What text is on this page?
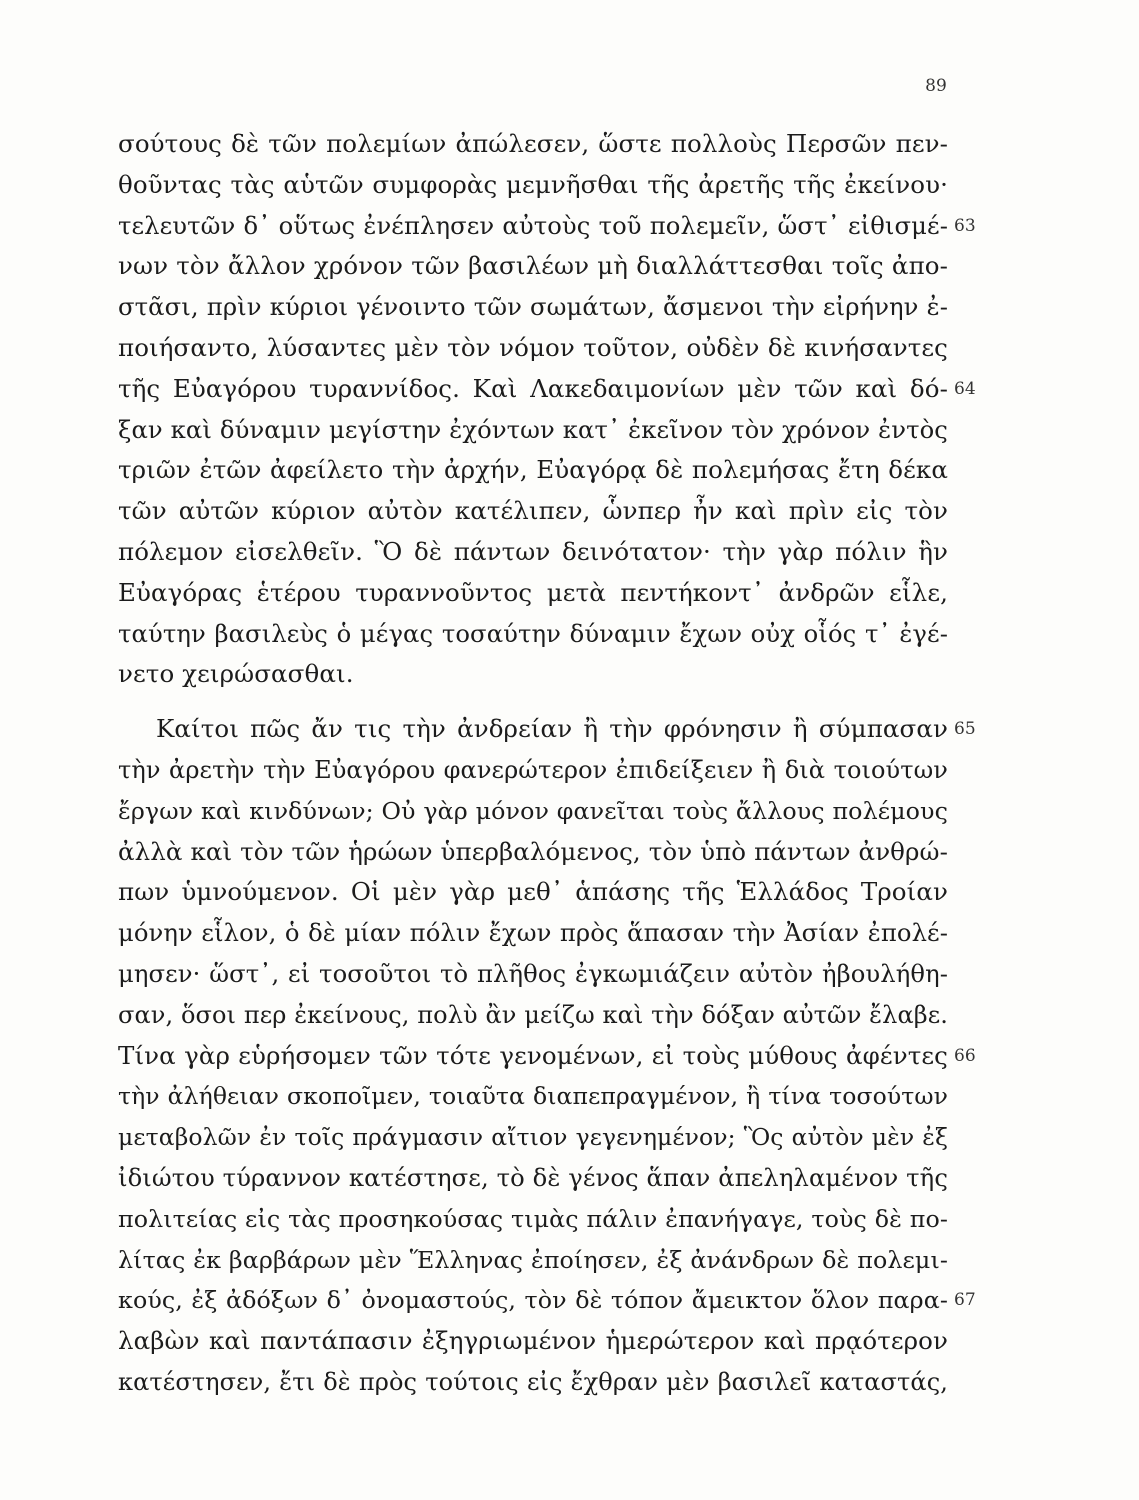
89
σούτους δὲ τῶν πολεμίων ἀπώλεσεν, ὥστε πολλοὺς Περσῶν πεν-
θοῦντας τὰς αὑτῶν συμφορὰς μεμνῆσθαι τῆς ἀρετῆς τῆς ἐκείνου·
τελευτῶν δ᾽ οὕτως ἐνέπλησεν αὐτοὺς τοῦ πολεμεῖν, ὥστ᾽ εἰθισμέ- 63
νων τὸν ἄλλον χρόνον τῶν βασιλέων μὴ διαλλάττεσθαι τοῖς ἀπο-
στᾶσι, πρὶν κύριοι γένοιντο τῶν σωμάτων, ἄσμενοι τὴν εἰρήνην ἐ-
ποιήσαντο, λύσαντες μὲν τὸν νόμον τοῦτον, οὐδὲν δὲ κινήσαντες
τῆς Εὐαγόρου τυραννίδος. Καὶ Λακεδαιμονίων μὲν τῶν καὶ δό- 64
ξαν καὶ δύναμιν μεγίστην ἐχόντων κατ᾽ ἐκεῖνον τὸν χρόνον ἐντὸς
τριῶν ἐτῶν ἀφείλετο τὴν ἀρχήν, Εὐαγόρᾳ δὲ πολεμήσας ἔτη δέκα
τῶν αὐτῶν κύριον αὐτὸν κατέλιπεν, ὧνπερ ἦν καὶ πρὶν εἰς τὸν
πόλεμον εἰσελθεῖν. Ὃ δὲ πάντων δεινότατον· τὴν γὰρ πόλιν ἣν
Εὐαγόρας ἑτέρου τυραννοῦντος μετὰ πεντήκοντ᾽ ἀνδρῶν εἷλε,
ταύτην βασιλεὺς ὁ μέγας τοσαύτην δύναμιν ἔχων οὐχ οἷός τ᾽ ἐγέ-
νετο χειρώσασθαι.
Καίτοι πῶς ἄν τις τὴν ἀνδρείαν ἢ τὴν φρόνησιν ἢ σύμπασαν 65
τὴν ἀρετὴν τὴν Εὐαγόρου φανερώτερον ἐπιδείξειεν ἢ διὰ τοιούτων
ἔργων καὶ κινδύνων; Οὐ γὰρ μόνον φανεῖται τοὺς ἄλλους πολέμους
ἀλλὰ καὶ τὸν τῶν ἡρώων ὑπερβαλόμενος, τὸν ὑπὸ πάντων ἀνθρώ-
πων ὑμνούμενον. Οἱ μὲν γὰρ μεθ᾽ ἁπάσης τῆς Ἑλλάδος Τροίαν
μόνην εἷλον, ὁ δὲ μίαν πόλιν ἔχων πρὸς ἅπασαν τὴν Ἀσίαν ἐπολέ-
μησεν· ὥστ᾽, εἰ τοσοῦτοι τὸ πλῆθος ἐγκωμιάζειν αὐτὸν ἠβουλήθη-
σαν, ὅσοι περ ἐκείνους, πολὺ ἂν μείζω καὶ τὴν δόξαν αὐτῶν ἔλαβε.
Τίνα γὰρ εὑρήσομεν τῶν τότε γενομένων, εἰ τοὺς μύθους ἀφέντες 66
τὴν ἀλήθειαν σκοποῖμεν, τοιαῦτα διαπεπραγμένον, ἢ τίνα τοσούτων
μεταβολῶν ἐν τοῖς πράγμασιν αἴτιον γεγενημένον; Ὃς αὐτὸν μὲν ἐξ
ἰδιώτου τύραννον κατέστησε, τὸ δὲ γένος ἅπαν ἀπεληλαμένον τῆς
πολιτείας εἰς τὰς προσηκούσας τιμὰς πάλιν ἐπανήγαγε, τοὺς δὲ πο-
λίτας ἐκ βαρβάρων μὲν Ἕλληνας ἐποίησεν, ἐξ ἀνάνδρων δὲ πολεμι-
κούς, ἐξ ἀδόξων δ᾽ ὀνομαστούς, τὸν δὲ τόπον ἄμεικτον ὅλον παρα- 67
λαβὼν καὶ παντάπασιν ἐξηγριωμένον ἡμερώτερον καὶ πρᾳότερον
κατέστησεν, ἔτι δὲ πρὸς τούτοις εἰς ἔχθραν μὲν βασιλεῖ καταστάς,
